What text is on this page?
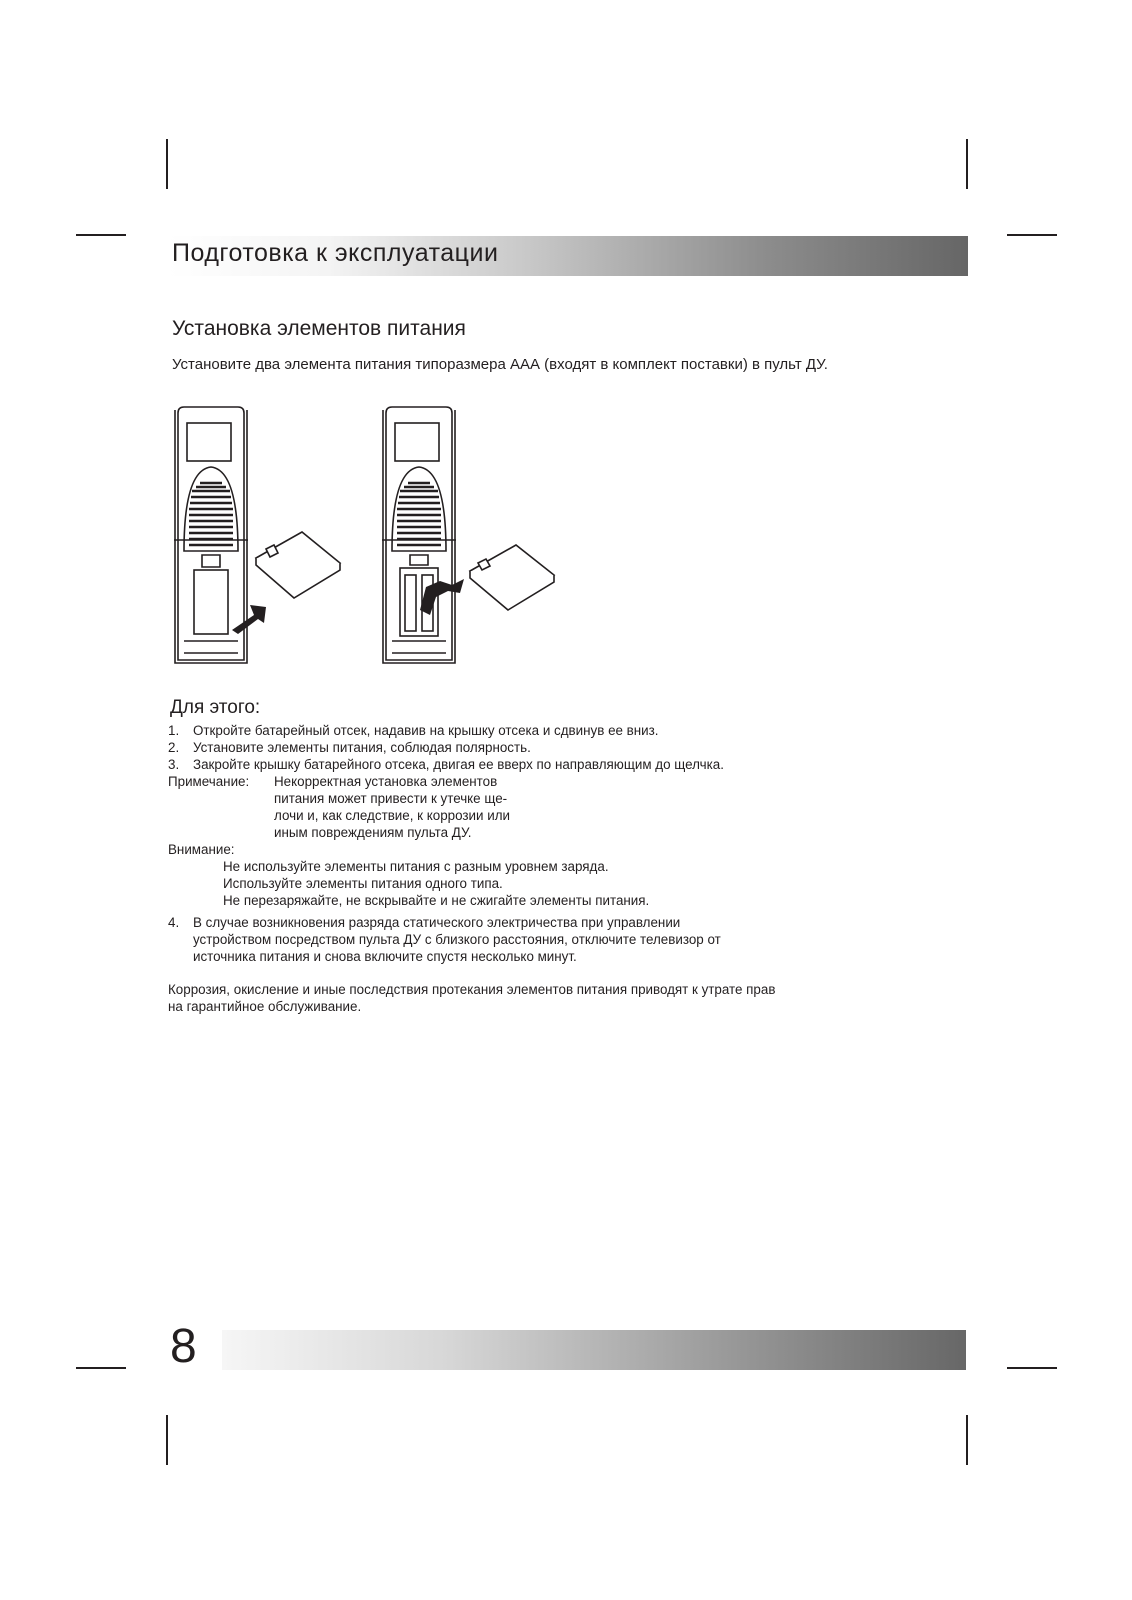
Подготовка к эксплуатации
Установка элементов питания
Установите два элемента питания типоразмера ААА (входят в комплект поставки) в пульт ДУ.
Для этого:
1. Откройте батарейный отсек, надавив на крышку отсека и сдвинув ее вниз.
2. Установите элементы питания, соблюдая полярность.
3. Закройте крышку батарейного отсека, двигая ее вверх по направляющим до щелчка.
Примечание: Некорректная установка элементов
питания может привести к утечке ще-
лочи и, как следствие, к коррозии или
иным повреждениям пульта ДУ.
Внимание:
Не используйте элементы питания с разным уровнем заряда.
Используйте элементы питания одного типа.
Не перезаряжайте, не вскрывайте и не сжигайте элементы питания.
4. В случае возникновения разряда статического электричества при управлении
устройством посредством пульта ДУ с близкого расстояния, отключите телевизор от
источника питания и снова включите спустя несколько минут.
Коррозия, окисление и иные последствия протекания элементов питания приводят к утрате прав
на гарантийное обслуживание.
8
